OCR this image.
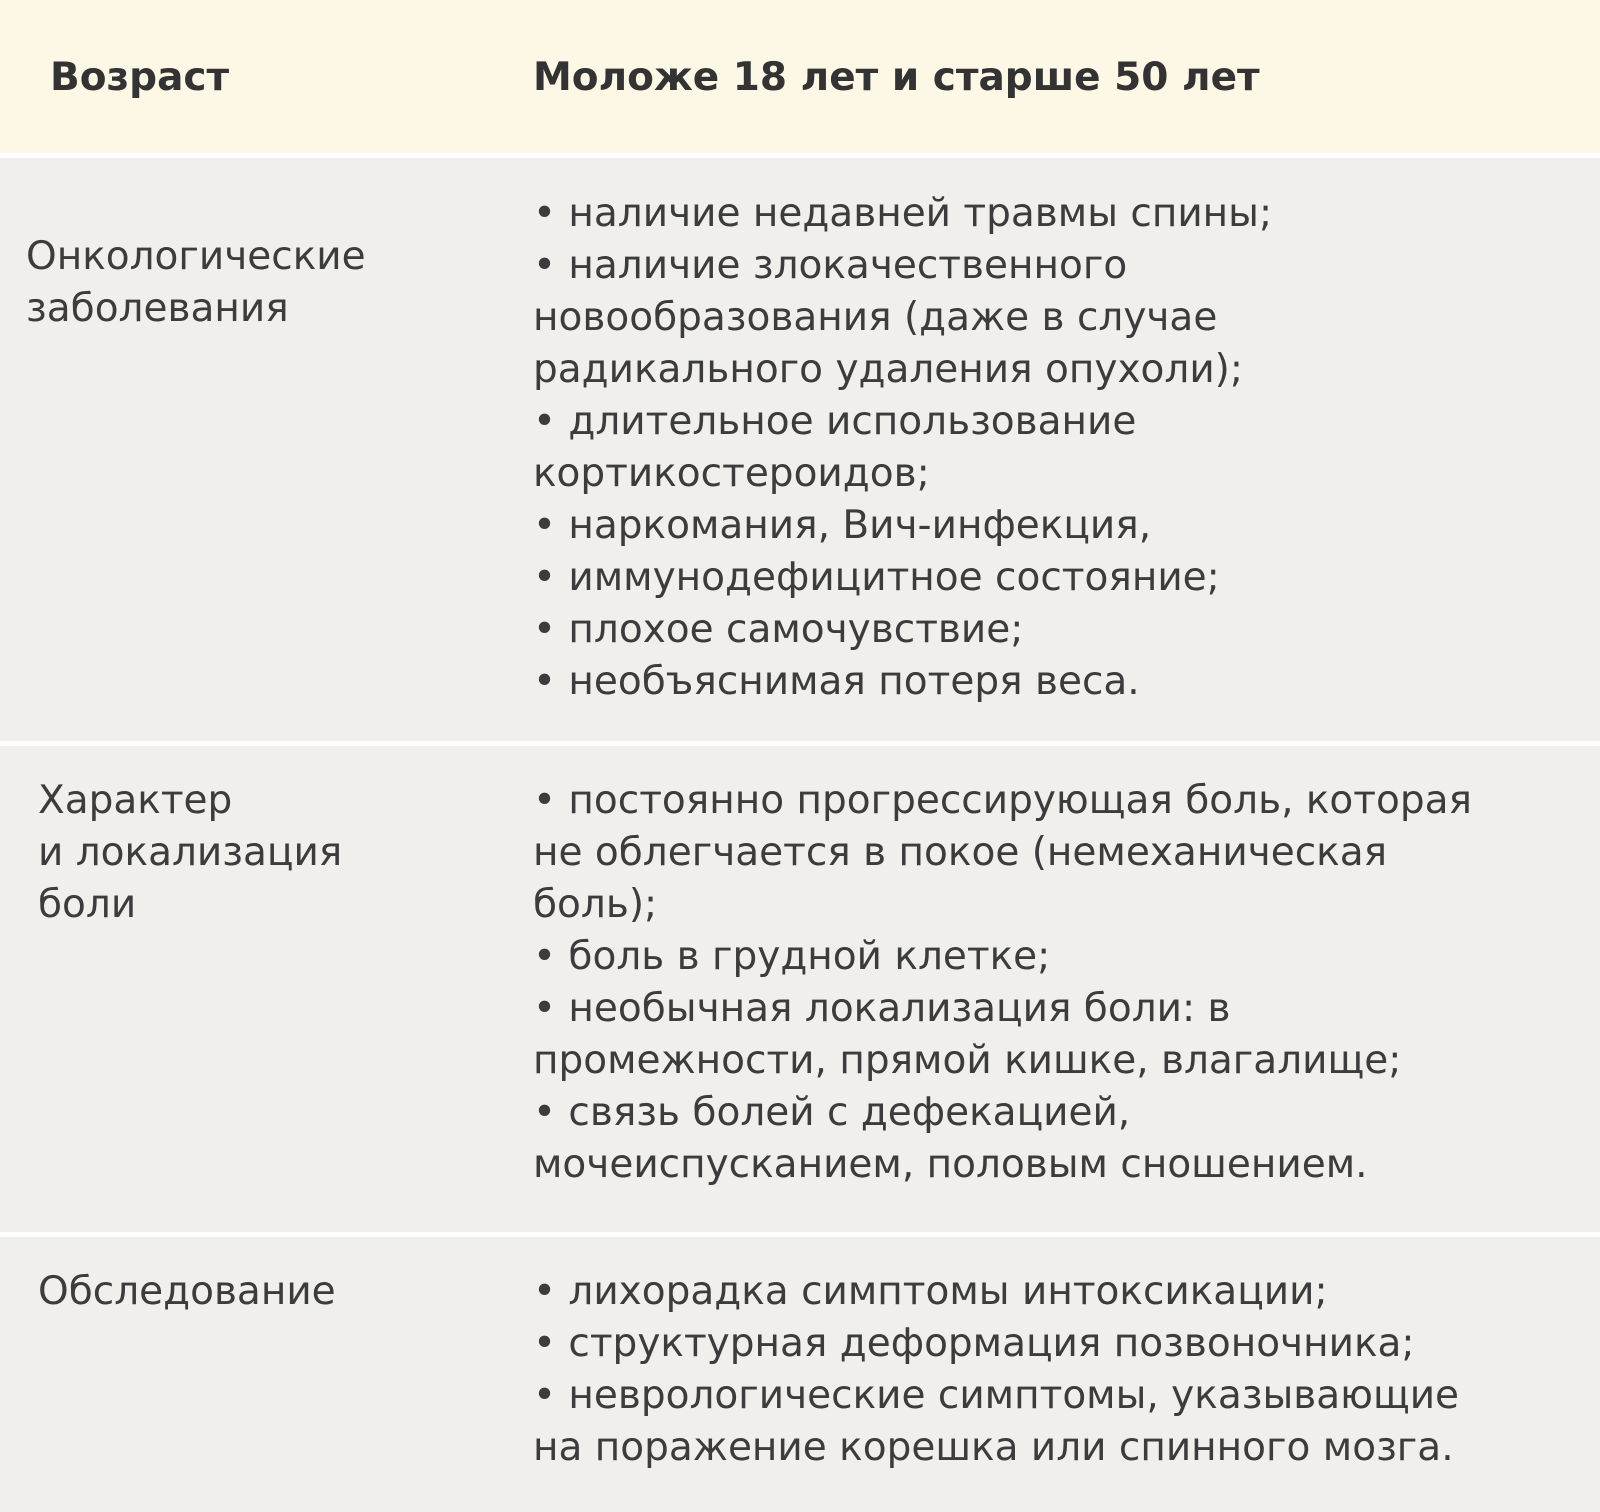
Возраст	Моложе 18 лет и старше 50 лет
Онкологические
заболевания
• наличие недавней травмы спины;
• наличие злокачественного
новообразования (даже в случае
радикального удаления опухоли);
• длительное использование
кортикостероидов;
• наркомания, Вич-инфекция,
• иммунодефицитное состояние;
• плохое самочувствие;
• необъяснимая потеря веса.
Характер
и локализация
боли
• постоянно прогрессирующая боль, которая
не облегчается в покое (немеханическая
боль);
• боль в грудной клетке;
• необычная локализация боли: в
промежности, прямой кишке, влагалище;
• связь болей с дефекацией,
мочеиспусканием, половым сношением.
Обследование	• лихорадка симптомы интоксикации;
• структурная деформация позвоночника;
• неврологические симптомы, указывающие
на поражение корешка или спинного мозга.
